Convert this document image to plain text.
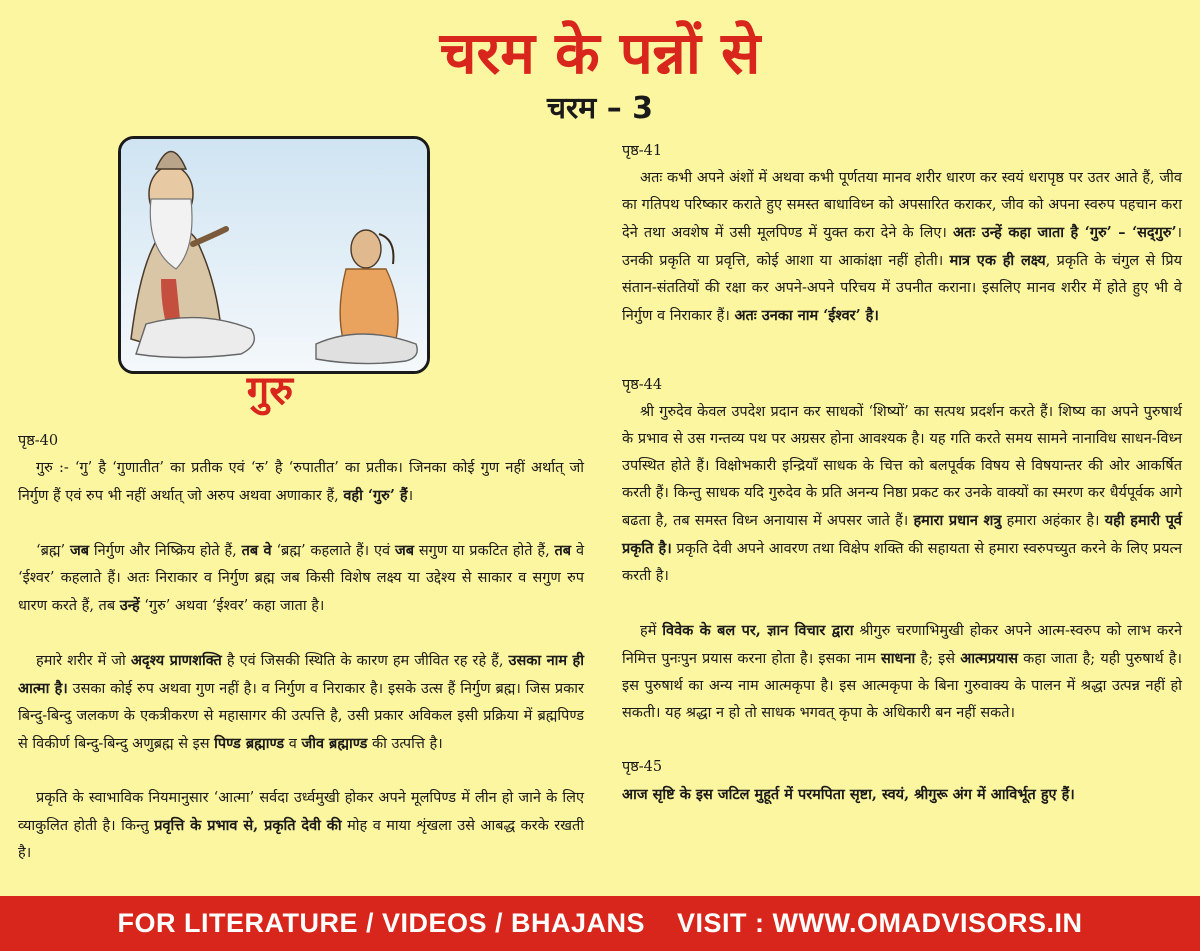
चरम के पन्नों से
चरम – 3
गुरु
पृष्ठ-40

गुरु :- ‘गु’ है ‘गुणातीत’ का प्रतीक एवं ‘रु’ है ‘रुपातीत’ का प्रतीक। जिनका कोई गुण नहीं अर्थात् जो निर्गुण हैं एवं रुप भी नहीं अर्थात् जो अरुप अथवा अणाकार हैं, वही ‘गुरु’ हैं।

‘ब्रह्म’ जब निर्गुण और निष्क्रिय होते हैं, तब वे ‘ब्रह्म’ कहलाते हैं। एवं जब सगुण या प्रकटित होते हैं, तब वे ‘ईश्वर’ कहलाते हैं। अतः निराकार व निर्गुण ब्रह्म जब किसी विशेष लक्ष्य या उद्देश्य से साकार व सगुण रुप धारण करते हैं, तब उन्हें ‘गुरु’ अथवा ‘ईश्वर’ कहा जाता है।

हमारे शरीर में जो अदृश्य प्राणशक्ति है एवं जिसकी स्थिति के कारण हम जीवित रह रहे हैं, उसका नाम ही आत्मा है। उसका कोई रुप अथवा गुण नहीं है। व निर्गुण व निराकार है। इसके उत्स हैं निर्गुण ब्रह्म। जिस प्रकार बिन्दु-बिन्दु जलकण के एकत्रीकरण से महासागर की उत्पत्ति है, उसी प्रकार अविकल इसी प्रक्रिया में ब्रह्मपिण्ड से विकीर्ण बिन्दु-बिन्दु अणुब्रह्म से इस पिण्ड ब्रह्माण्ड व जीव ब्रह्माण्ड की उत्पत्ति है।

प्रकृति के स्वाभाविक नियमानुसार ‘आत्मा’ सर्वदा उर्ध्वमुखी होकर अपने मूलपिण्ड में लीन हो जाने के लिए व्याकुलित होती है। किन्तु प्रवृत्ति के प्रभाव से, प्रकृति देवी की मोह व माया शृंखला उसे आबद्ध करके रखती है।

पृष्ठ-41

अतः कभी अपने अंशों में अथवा कभी पूर्णतया मानव शरीर धारण कर स्वयं धरापृष्ठ पर उतर आते हैं, जीव का गतिपथ परिष्कार कराते हुए समस्त बाधाविध्न को अपसारित कराकर, जीव को अपना स्वरुप पहचान करा देने तथा अवशेष में उसी मूलपिण्ड में युक्त करा देने के लिए। अतः उन्हें कहा जाता है ‘गुरु’ – ‘सद्‌गुरु’। उनकी प्रकृति या प्रवृत्ति, कोई आशा या आकांक्षा नहीं होती। मात्र एक ही लक्ष्य, प्रकृति के चंगुल से प्रिय संतान-संततियों की रक्षा कर अपने-अपने परिचय में उपनीत कराना। इसलिए मानव शरीर में होते हुए भी वे निर्गुण व निराकार हैं। अतः उनका नाम ‘ईश्वर’ है।

पृष्ठ-44

श्री गुरुदेव केवल उपदेश प्रदान कर साधकों ‘शिष्यों’ का सत्पथ प्रदर्शन करते हैं। शिष्य का अपने पुरुषार्थ के प्रभाव से उस गन्तव्य पथ पर अग्रसर होना आवश्यक है। यह गति करते समय सामने नानाविध साधन-विध्न उपस्थित होते हैं। विक्षोभकारी इन्द्रियाँ साधक के चित्त को बलपूर्वक विषय से विषयान्तर की ओर आकर्षित करती हैं। किन्तु साधक यदि गुरुदेव के प्रति अनन्य निष्ठा प्रकट कर उनके वाक्यों का स्मरण कर धैर्यपूर्वक आगे बढता है, तब समस्त विध्न अनायास में अपसर जाते हैं। हमारा प्रधान शत्रु हमारा अहंकार है। यही हमारी पूर्व प्रकृति है। प्रकृति देवी अपने आवरण तथा विक्षेप शक्ति की सहायता से हमारा स्वरुपच्युत करने के लिए प्रयत्न करती है।

हमें विवेक के बल पर, ज्ञान विचार द्वारा श्रीगुरु चरणाभिमुखी होकर अपने आत्म-स्वरुप को लाभ करने निमित्त पुनःपुन प्रयास करना होता है। इसका नाम साधना है; इसे आत्मप्रयास कहा जाता है; यही पुरुषार्थ है। इस पुरुषार्थ का अन्य नाम आत्मकृपा है। इस आत्मकृपा के बिना गुरुवाक्य के पालन में श्रद्धा उत्पन्न नहीं हो सकती। यह श्रद्धा न हो तो साधक भगवत् कृपा के अधिकारी बन नहीं सकते।

पृष्ठ-45

आज सृष्टि के इस जटिल मुहूर्त में परमपिता सृष्टा, स्वयं, श्रीगुरू अंग में आविर्भूत हुए हैं।

FOR LITERATURE / VIDEOS / BHAJANS VISIT : WWW.OMADVISORS.IN
